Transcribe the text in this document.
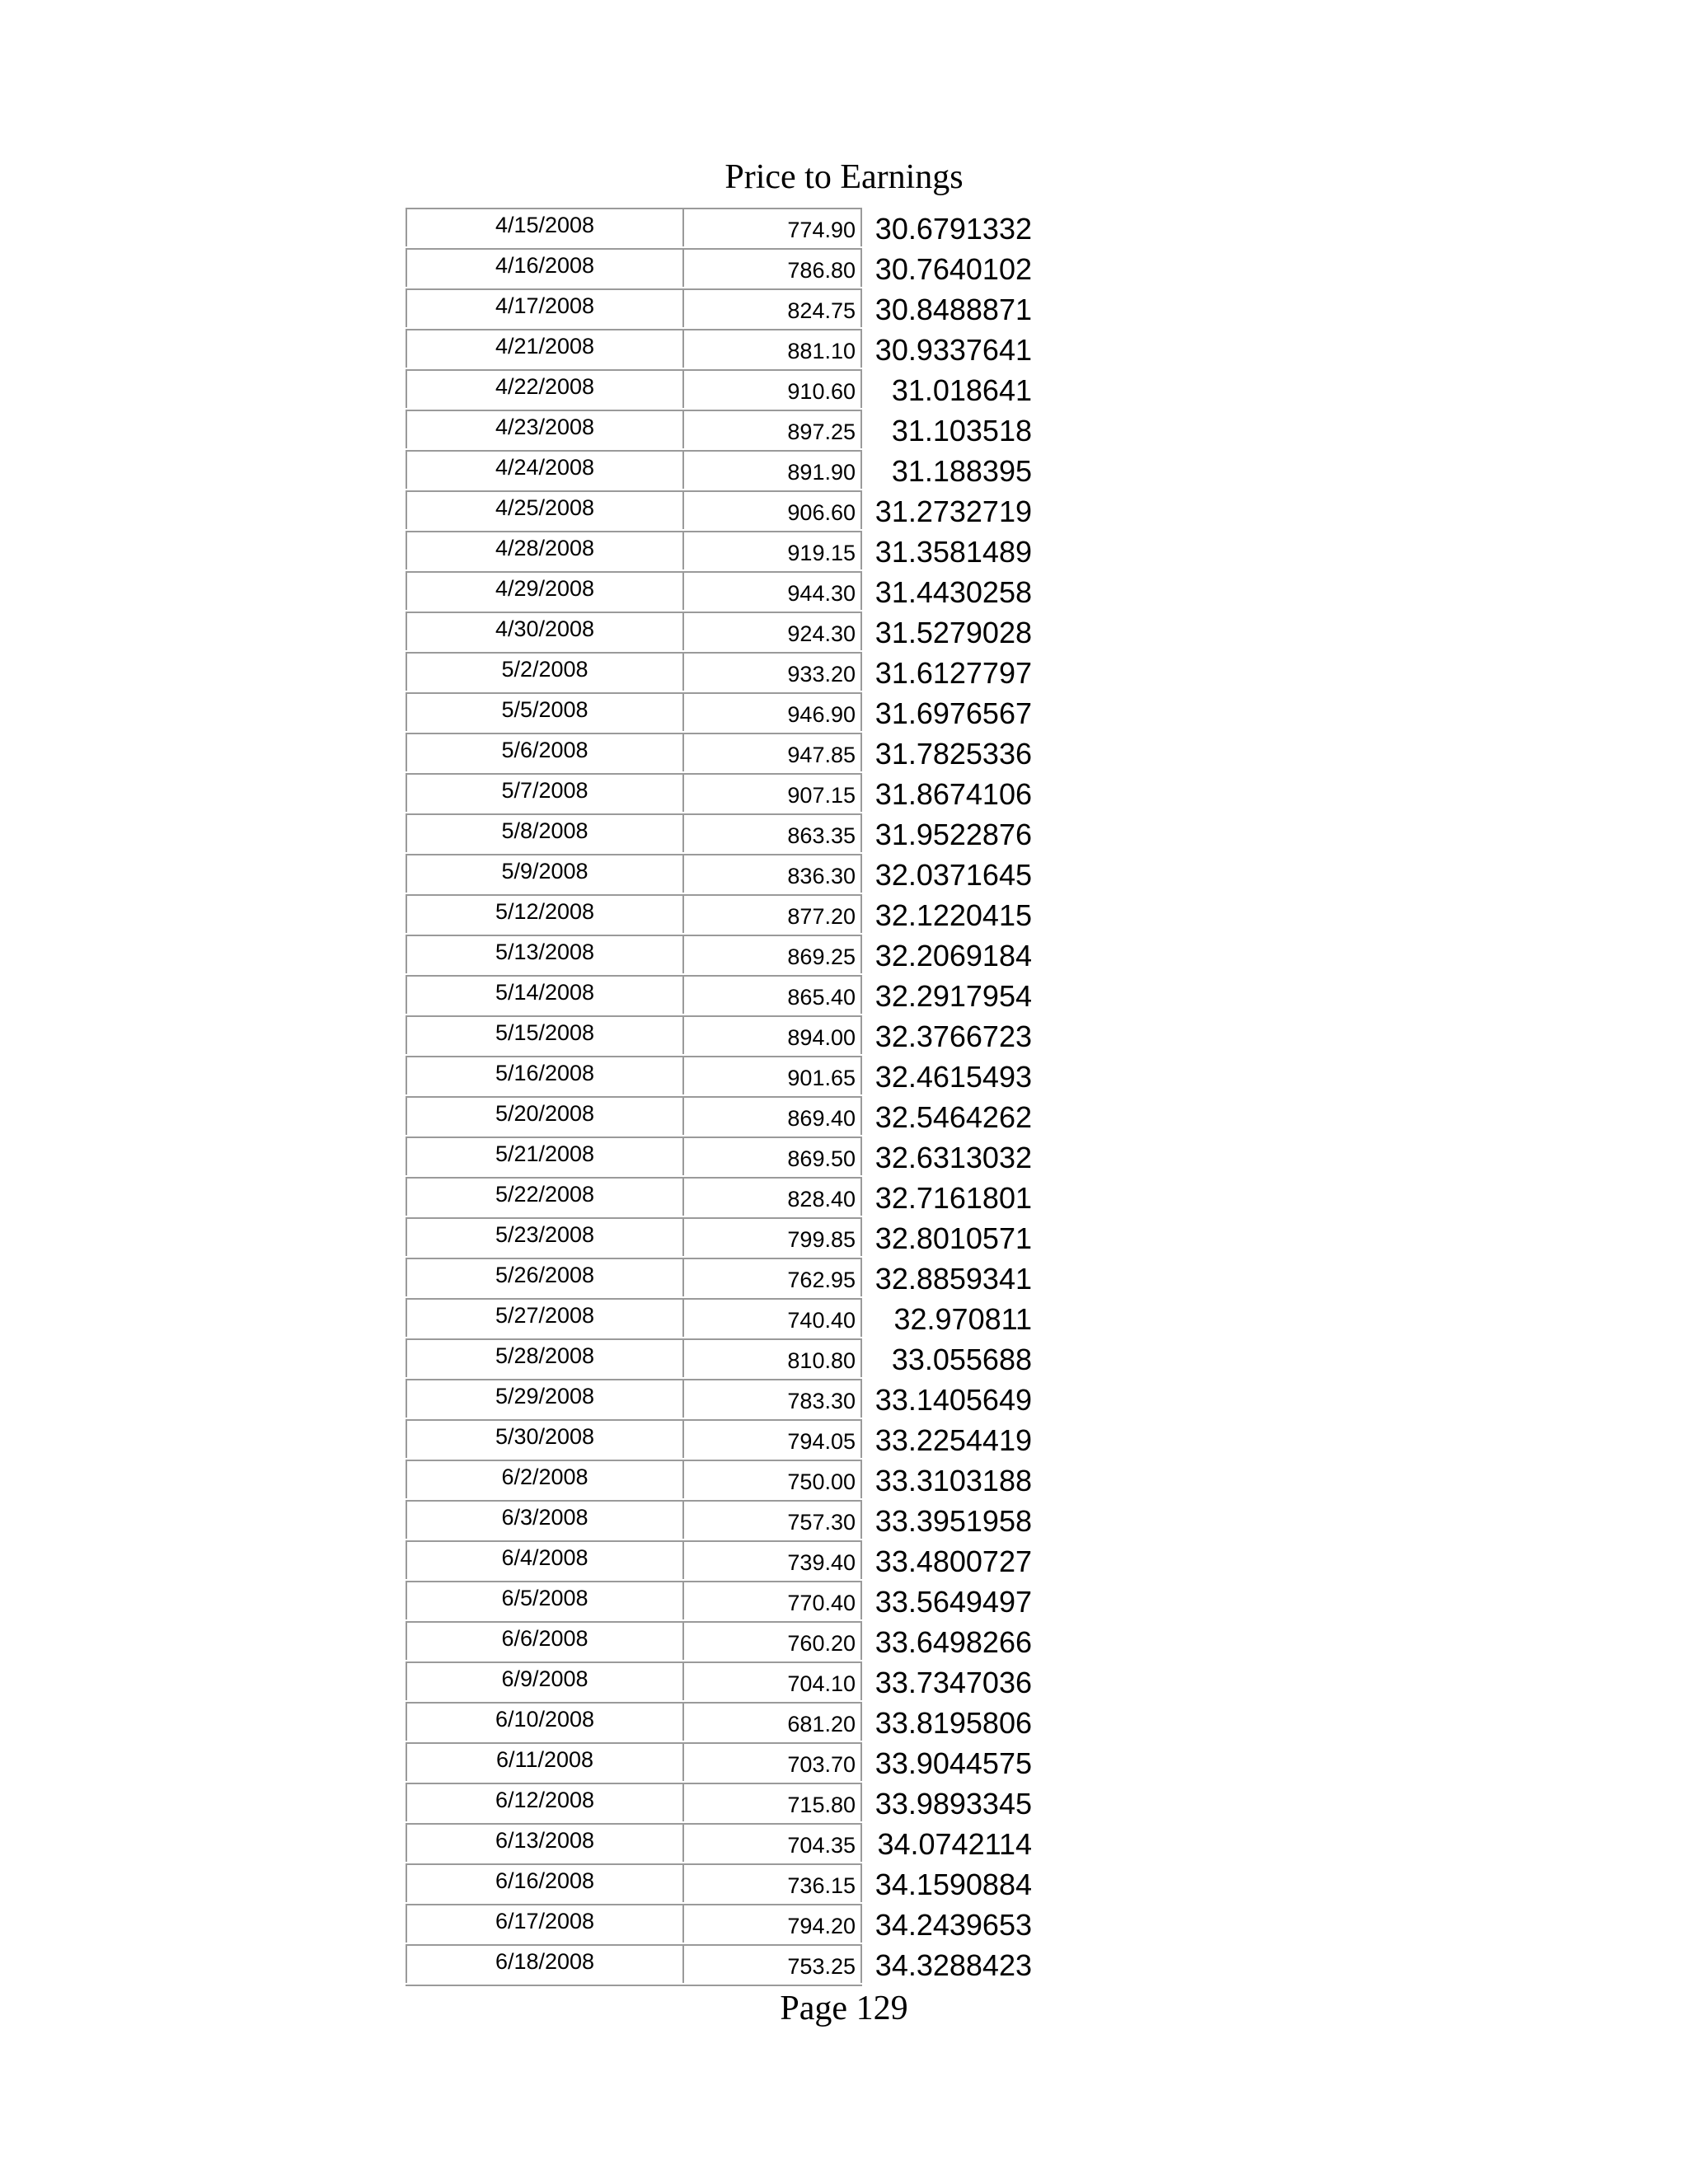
Price to Earnings
4/15/2008	774.90 30.6791332
4/16/2008	786.80 30.7640102
4/17/2008	824.75 30.8488871
4/21/2008	881.10 30.9337641
4/22/2008	910.60	31.018641
4/23/2008	897.25	31.103518
4/24/2008	891.90	31.188395
4/25/2008	906.60 31.2732719
4/28/2008	919.15 31.3581489
4/29/2008	944.30 31.4430258
4/30/2008	924.30 31.5279028
5/2/2008	933.20 31.6127797
5/5/2008	946.90 31.6976567
5/6/2008	947.85 31.7825336
5/7/2008	907.15 31.8674106
5/8/2008	863.35 31.9522876
5/9/2008	836.30 32.0371645
5/12/2008	877.20 32.1220415
5/13/2008	869.25 32.2069184
5/14/2008	865.40 32.2917954
5/15/2008	894.00 32.3766723
5/16/2008	901.65 32.4615493
5/20/2008	869.40 32.5464262
5/21/2008	869.50 32.6313032
5/22/2008	828.40 32.7161801
5/23/2008	799.85 32.8010571
5/26/2008	762.95 32.8859341
5/27/2008	740.40	32.970811
5/28/2008	810.80	33.055688
5/29/2008	783.30 33.1405649
5/30/2008	794.05 33.2254419
6/2/2008	750.00 33.3103188
6/3/2008	757.30 33.3951958
6/4/2008	739.40 33.4800727
6/5/2008	770.40 33.5649497
6/6/2008	760.20 33.6498266
6/9/2008	704.10 33.7347036
6/10/2008	681.20 33.8195806
6/11/2008	703.70 33.9044575
6/12/2008	715.80 33.9893345
6/13/2008	704.35 34.0742114
6/16/2008	736.15 34.1590884
6/17/2008	794.20 34.2439653
6/18/2008	753.25 34.3288423
Page 129
